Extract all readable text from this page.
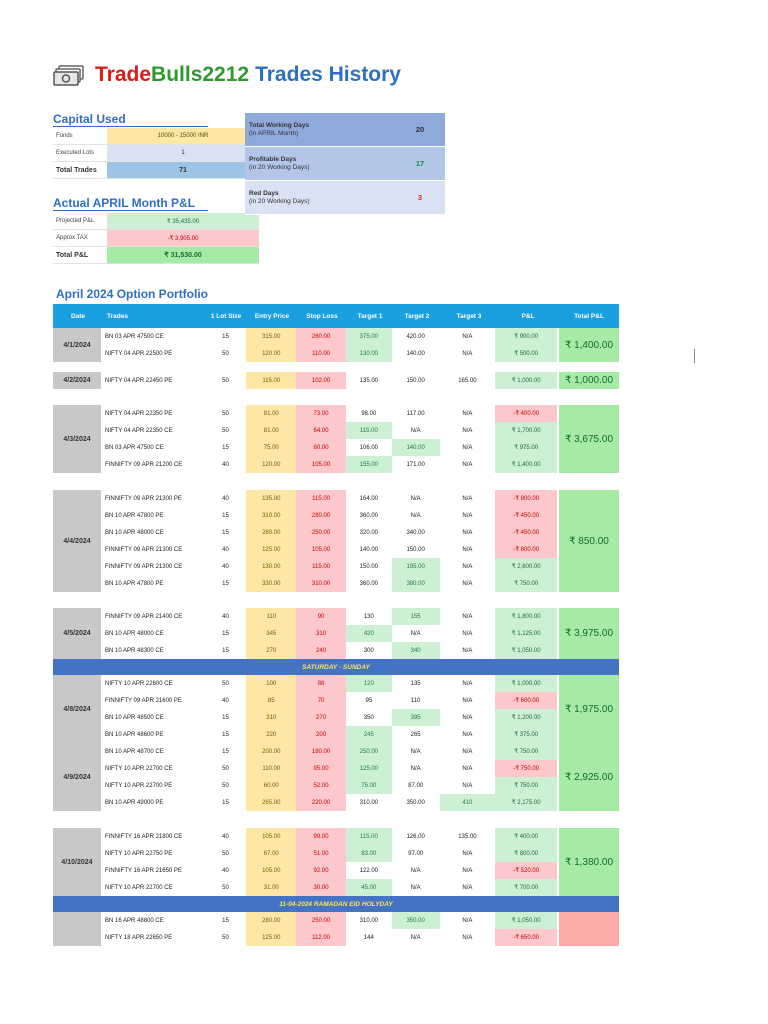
Trade Bulls2212 Trades History
Capital Used
Funds	10000 - 15000 INR
Executed Lots	1
Total Trades	71
Actual APRIL Month P&L
Projected P&L	₹ 35,435.00
Approx TAX	-₹ 3,905.00
Total P&L	₹ 31,530.00
Total Working Days
(in APRIL Month)	20
Profitable Days
(in 20 Working Days)	17
Red Days
(in 20 Working Days)	3
April 2024 Option Portfolio
Date	Trades	1 Lot Size	Entry Price	Stop Loss	Target 1	Target 2	Target 3	P&L	Total P&L
4/1/2024
BN 03 APR 47500 CE	15	315.00	260.00	375.00	420.00	N/A	₹ 900.00
NIFTY 04 APR 22500 PE	50	120.00	110.00	130.00	140.00	N/A	₹ 500.00
₹ 1,400.00
4/2/2024	NIFTY 04 APR 22450 PE	50	115.00	102.00	135.00	150.00	165.00	₹ 1,000.00	₹ 1,000.00
4/3/2024
NIFTY 04 APR 22350 PE	50	81.00	73.00	98.00	117.00	N/A	-₹ 400.00
NIFTY 04 APR 22350 CE	50	81.00	64.00	115.00	N/A	N/A	₹ 1,700.00
BN 03 APR 47500 CE	15	75.00	60.00	106.00	140.00	N/A	₹ 975.00
FINNIFTY 09 APR 21200 CE	40	120.00	105.00	155.00	171.00	N/A	₹ 1,400.00
₹ 3,675.00
4/4/2024
FINNIFTY 09 APR 21300 PE	40	135.00	115.00	164.00	N/A	N/A	-₹ 800.00
BN 10 APR 47800 PE	15	310.00	280.00	360.00	N/A	N/A	-₹ 450.00
BN 10 APR 48000 CE	15	280.00	250.00	320.00	340.00	N/A	-₹ 450.00
FINNIFTY 09 APR 21300 CE	40	125.00	105.00	140.00	150.00	N/A	-₹ 800.00
FINNIFTY 09 APR 21300 CE	40	130.00	115.00	150.00	195.00	N/A	₹ 2,600.00
BN 10 APR 47800 PE	15	330.00	310.00	360.00	380.00	N/A	₹ 750.00
₹ 850.00
4/5/2024
FINNIFTY 09 APR 21400 CE	40	110	90	130	155	N/A	₹ 1,800.00
BN 10 APR 48000 CE	15	345	310	420	N/A	N/A	₹ 1,125.00
BN 10 APR 48300 CE	15	270	240	300	340	N/A	₹ 1,050.00
₹ 3,975.00
SATURDAY - SUNDAY
4/8/2024
NIFTY 10 APR 22600 CE	50	100	88	120	135	N/A	₹ 1,000.00
FINNIFTY 09 APR 21600 PE	40	85	70	95	110	N/A	-₹ 600.00
BN 10 APR 48500 CE	15	310	270	350	395	N/A	₹ 1,200.00
BN 10 APR 48600 PE	15	220	200	245	265	N/A	₹ 375.00
₹ 1,975.00
4/9/2024
BN 10 APR 48700 CE	15	200.00	180.00	250.00	N/A	N/A	₹ 750.00
NIFTY 10 APR 22700 CE	50	110.00	95.00	125.00	N/A	N/A	-₹ 750.00
NIFTY 10 APR 22700 PE	50	60.00	52.00	75.00	87.00	N/A	₹ 750.00
BN 10 APR 49000 PE	15	265.00	220.00	310.00	350.00	410	₹ 2,175.00
₹ 2,925.00
4/10/2024
FINNIFTY 16 APR 21800 CE	40	105.00	99.00	115.00	126.00	135.00	₹ 400.00
NIFTY 10 APR 22750 PE	50	67.00	51.00	83.00	97.00	N/A	₹ 800.00
FINNIFTY 16 APR 21650 PE	40	105.00	92.00	122.00	N/A	N/A	-₹ 520.00
NIFTY 10 APR 22700 CE	50	31.00	30.00	45.00	N/A	N/A	₹ 700.00
₹ 1,380.00
11-04-2024 RAMADAN EID HOLYDAY
BN 16 APR 48800 CE	15	280.00	250.00	310.00	350.00	N/A	₹ 1,050.00
NIFTY 18 APR 22650 PE	50	125.00	112.00	144	N/A	N/A	-₹ 650.00
